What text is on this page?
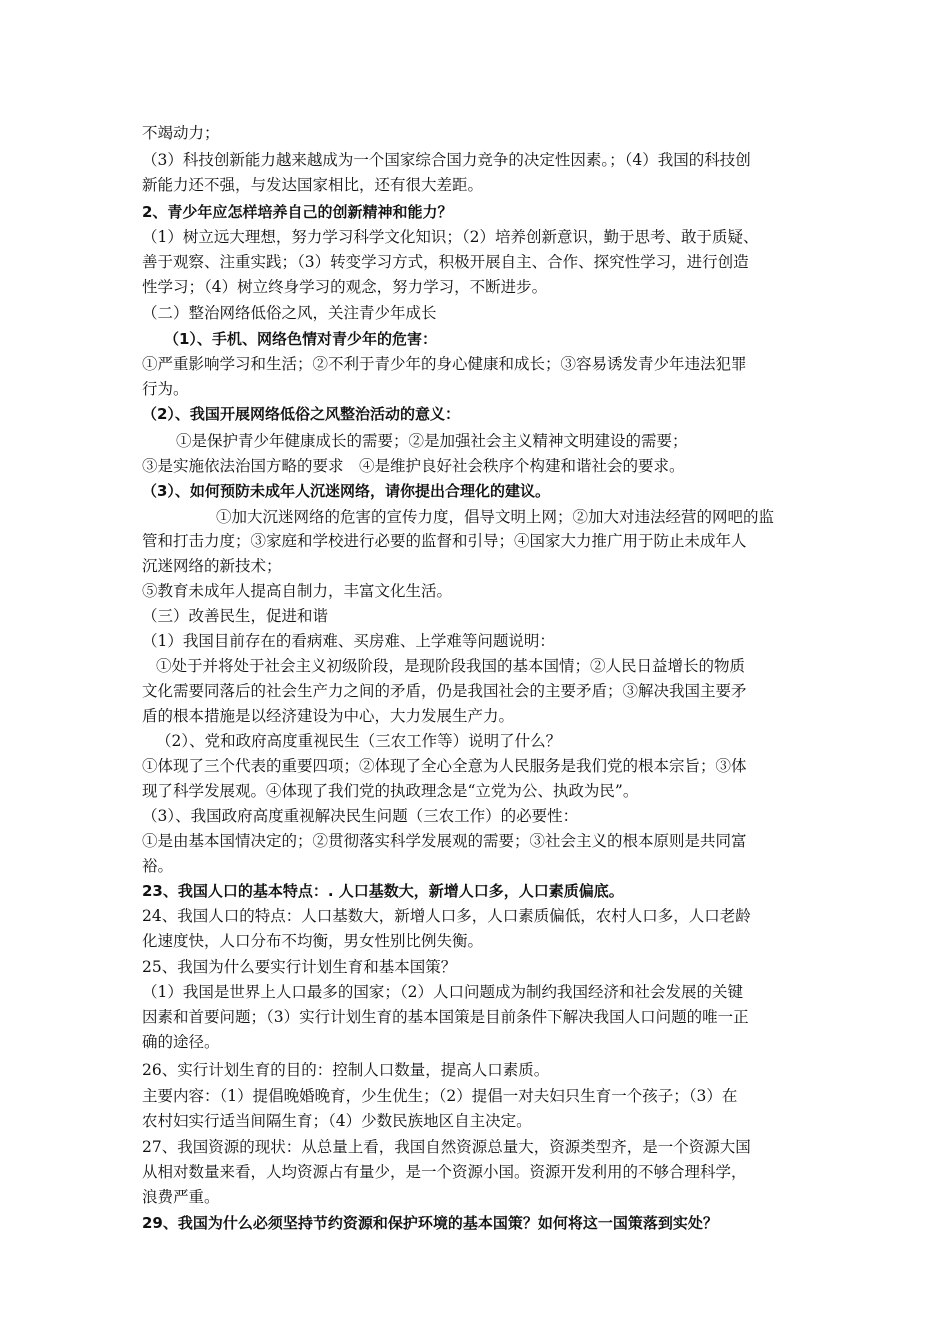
不竭动力；
（3）科技创新能力越来越成为一个国家综合国力竞争的决定性因素。；（4）我国的科技创
新能力还不强，与发达国家相比，还有很大差距。
2、青少年应怎样培养自己的创新精神和能力？
（1）树立远大理想，努力学习科学文化知识；（2）培养创新意识，勤于思考、敢于质疑、
善于观察、注重实践；（3）转变学习方式，积极开展自主、合作、探究性学习，进行创造
性学习；（4）树立终身学习的观念，努力学习，不断进步。
（二）整治网络低俗之风，关注青少年成长
（1）、手机、网络色情对青少年的危害：
①严重影响学习和生活；②不利于青少年的身心健康和成长；③容易诱发青少年违法犯罪
行为。
（2）、我国开展网络低俗之风整治活动的意义：
①是保护青少年健康成长的需要；②是加强社会主义精神文明建设的需要；
③是实施依法治国方略的要求　④是维护良好社会秩序个构建和谐社会的要求。
（3）、如何预防未成年人沉迷网络，请你提出合理化的建议。
①加大沉迷网络的危害的宣传力度，倡导文明上网；②加大对违法经营的网吧的监
管和打击力度；③家庭和学校进行必要的监督和引导；④国家大力推广用于防止未成年人
沉迷网络的新技术；
⑤教育未成年人提高自制力，丰富文化生活。
（三）改善民生，促进和谐
（1）我国目前存在的看病难、买房难、上学难等问题说明：
①处于并将处于社会主义初级阶段，是现阶段我国的基本国情；②人民日益增长的物质
文化需要同落后的社会生产力之间的矛盾，仍是我国社会的主要矛盾；③解决我国主要矛
盾的根本措施是以经济建设为中心，大力发展生产力。
（2）、党和政府高度重视民生（三农工作等）说明了什么？
①体现了三个代表的重要四项；②体现了全心全意为人民服务是我们党的根本宗旨；③体
现了科学发展观。④体现了我们党的执政理念是“立党为公、执政为民”。
（3）、我国政府高度重视解决民生问题（三农工作）的必要性：
①是由基本国情决定的；②贯彻落实科学发展观的需要；③社会主义的根本原则是共同富
裕。
23、我国人口的基本特点：. 人口基数大，新增人口多，人口素质偏底。
24、我国人口的特点：人口基数大，新增人口多，人口素质偏低，农村人口多，人口老龄
化速度快，人口分布不均衡，男女性别比例失衡。
25、我国为什么要实行计划生育和基本国策？
（1）我国是世界上人口最多的国家；（2）人口问题成为制约我国经济和社会发展的关键
因素和首要问题；（3）实行计划生育的基本国策是目前条件下解决我国人口问题的唯一正
确的途径。
26、实行计划生育的目的：控制人口数量，提高人口素质。
主要内容：（1）提倡晚婚晚育，少生优生；（2）提倡一对夫妇只生育一个孩子；（3）在
农村妇实行适当间隔生育；（4）少数民族地区自主决定。
27、我国资源的现状：从总量上看，我国自然资源总量大，资源类型齐，是一个资源大国
从相对数量来看，人均资源占有量少，是一个资源小国。资源开发利用的不够合理科学，
浪费严重。
29、我国为什么必须坚持节约资源和保护环境的基本国策？如何将这一国策落到实处？
